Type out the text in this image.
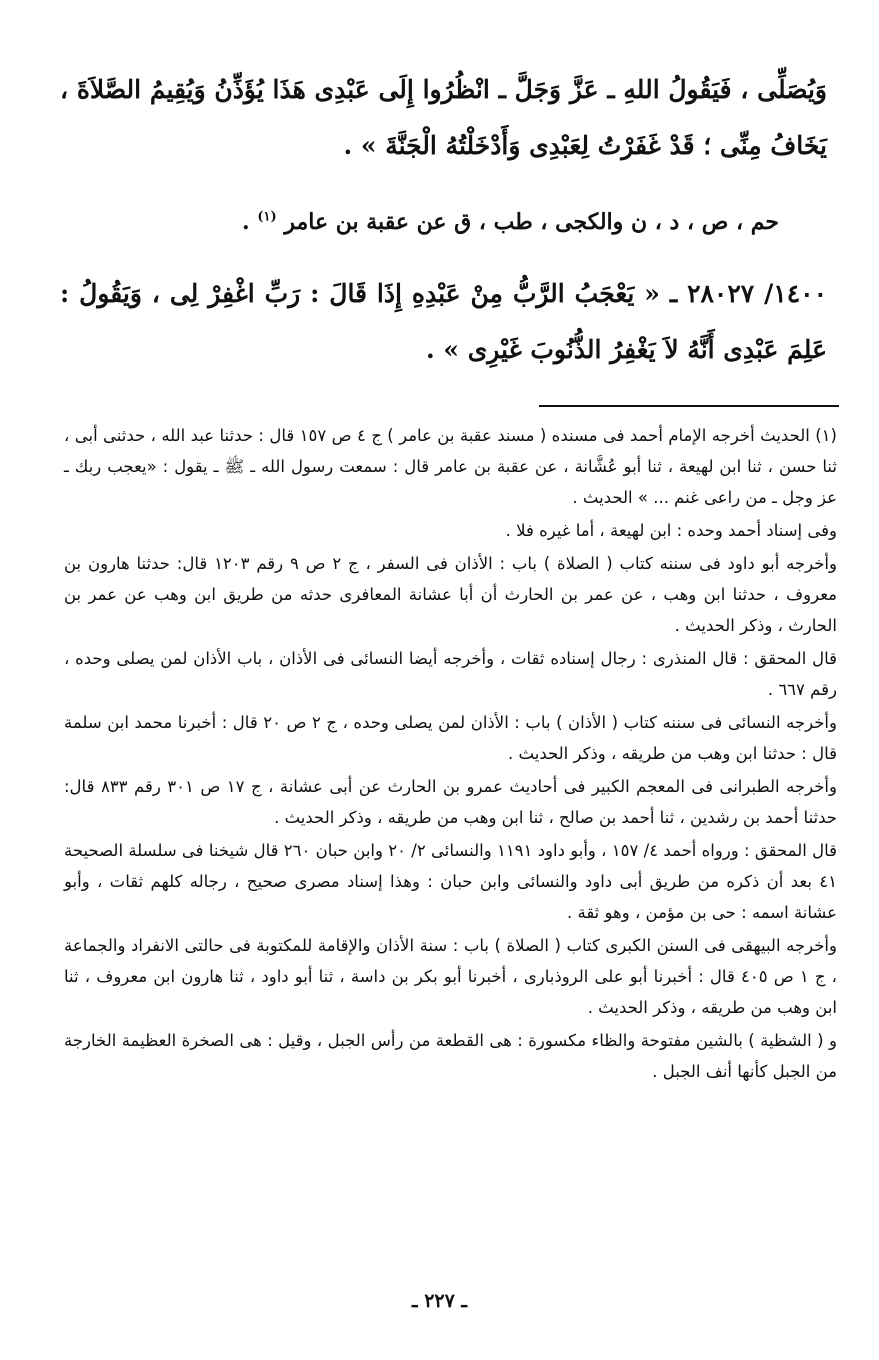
وَيُصَلِّى ، فَيَقُولُ اللهِ ـ عَزَّ وَجَلَّ ـ انْظُرُوا إِلَى عَبْدِى هَذَا يُؤَذِّنُ وَيُقِيمُ الصَّلاَةَ ، يَخَافُ مِنِّى ؛ قَدْ غَفَرْتُ لِعَبْدِى وَأَدْخَلْتُهُ الْجَنَّةَ » .

حم ، ص ، د ، ن والكجى ، طب ، ق عن عقبة بن عامر $^{(١)}$ .

١٤٠٠/ ٢٨٠٢٧ ـ « يَعْجَبُ الرَّبُّ مِنْ عَبْدِهِ إِذَا قَالَ : رَبِّ اغْفِرْ لِى ، وَيَقُولُ : عَلِمَ عَبْدِى أَنَّهُ لاَ يَغْفِرُ الذُّنُوبَ غَيْرِى » .

(١) الحديث أخرجه الإمام أحمد فى مسنده ( مسند عقبة بن عامر ) ج ٤ ص ١٥٧ قال : حدثنا عبد الله ، حدثنى أبى ، ثنا حسن ، ثنا ابن لهيعة ، ثنا أبو عُشَّانة ، عن عقبة بن عامر قال : سمعت رسول الله ـ ﷺ ـ يقول : «يعجب ربك ـ عز وجل ـ من راعى غنم ... » الحديث .

وفى إسناد أحمد وحده : ابن لهيعة ، أما غيره فلا .

وأخرجه أبو داود فى سننه كتاب ( الصلاة ) باب : الأذان فى السفر ، ج ٢ ص ٩ رقم ١٢٠٣ قال: حدثنا هارون بن معروف ، حدثنا ابن وهب ، عن عمر بن الحارث أن أبا عشانة المعافرى حدثه من طريق ابن وهب عن عمر بن الحارث ، وذكر الحديث .

قال المحقق : قال المنذرى : رجال إسناده ثقات ، وأخرجه أيضا النسائى فى الأذان ، باب الأذان لمن يصلى وحده ، رقم ٦٦٧ .

وأخرجه النسائى فى سننه كتاب ( الأذان ) باب : الأذان لمن يصلى وحده ، ج ٢ ص ٢٠ قال : أخبرنا محمد ابن سلمة قال : حدثنا ابن وهب من طريقه ، وذكر الحديث .

وأخرجه الطبرانى فى المعجم الكبير فى أحاديث عمرو بن الحارث عن أبى عشانة ، ج ١٧ ص ٣٠١ رقم ٨٣٣ قال: حدثنا أحمد بن رشدين ، ثنا أحمد بن صالح ، ثنا ابن وهب من طريقه ، وذكر الحديث .

قال المحقق : ورواه أحمد ٤/ ١٥٧ ، وأبو داود ١١٩١ والنسائى ٢/ ٢٠ وابن حبان ٢٦٠ قال شيخنا فى سلسلة الصحيحة ٤١ بعد أن ذكره من طريق أبى داود والنسائى وابن حبان : وهذا إسناد مصرى صحيح ، رجاله كلهم ثقات ، وأبو عشانة اسمه : حى بن مؤمن ، وهو ثقة .

وأخرجه البيهقى فى السنن الكبرى كتاب ( الصلاة ) باب : سنة الأذان والإقامة للمكتوبة فى حالتى الانفراد والجماعة ، ج ١ ص ٤٠٥ قال : أخبرنا أبو على الروذبارى ، أخبرنا أبو بكر بن داسة ، ثنا أبو داود ، ثنا هارون ابن معروف ، ثنا ابن وهب من طريقه ، وذكر الحديث .

و ( الشظية ) بالشين مفتوحة والظاء مكسورة : هى القطعة من رأس الجبل ، وقيل : هى الصخرة العظيمة الخارجة من الجبل كأنها أنف الجبل .

ـ ٢٢٧ ـ
